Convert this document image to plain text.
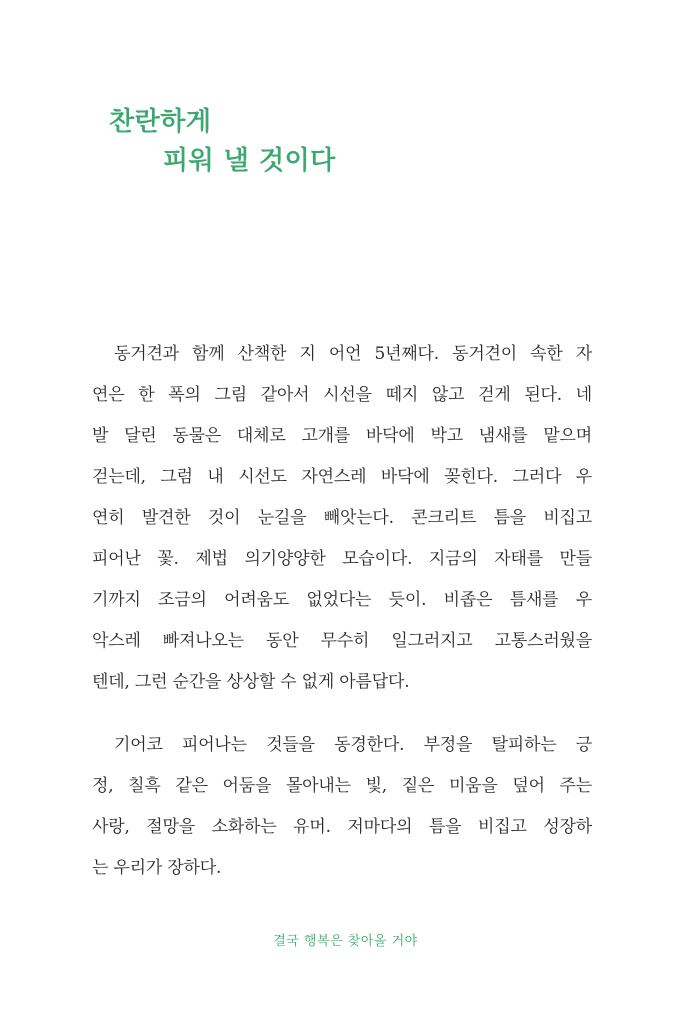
찬란하게
피워 낼 것이다
동거견과 함께 산책한 지 어언 5년째다. 동거견이 속한 자
연은 한 폭의 그림 같아서 시선을 떼지 않고 걷게 된다. 네
발 달린 동물은 대체로 고개를 바닥에 박고 냄새를 맡으며
걷는데, 그럼 내 시선도 자연스레 바닥에 꽂힌다. 그러다 우
연히 발견한 것이 눈길을 빼앗는다. 콘크리트 틈을 비집고
피어난 꽃. 제법 의기양양한 모습이다. 지금의 자태를 만들
기까지 조금의 어려움도 없었다는 듯이. 비좁은 틈새를 우
악스레 빠져나오는 동안 무수히 일그러지고 고통스러웠을
텐데, 그런 순간을 상상할 수 없게 아름답다.
기어코 피어나는 것들을 동경한다. 부정을 탈피하는 긍
정, 칠흑 같은 어둠을 몰아내는 빛, 짙은 미움을 덮어 주는
사랑, 절망을 소화하는 유머. 저마다의 틈을 비집고 성장하
는 우리가 장하다.
결국 행복은 찾아올 거야
